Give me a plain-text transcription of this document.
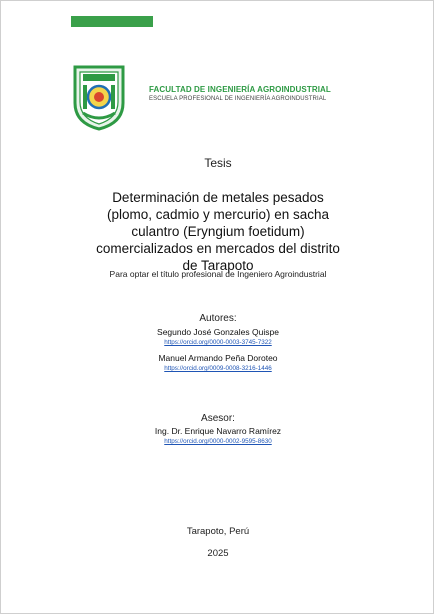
FACULTAD DE INGENIERÍA AGROINDUSTRIAL
ESCUELA PROFESIONAL DE INGENIERÍA AGROINDUSTRIAL
Tesis
Determinación de metales pesados (plomo, cadmio y mercurio) en sacha culantro (Eryngium foetidum) comercializados en mercados del distrito de Tarapoto
Para optar el título profesional de Ingeniero Agroindustrial
Autores:
Segundo José Gonzales Quispe
https://orcid.org/0000-0003-3745-7322
Manuel Armando Peña Doroteo
https://orcid.org/0009-0008-3216-1446
Asesor:
Ing. Dr. Enrique Navarro Ramírez
https://orcid.org/0000-0002-9595-8630
Tarapoto, Perú
2025
